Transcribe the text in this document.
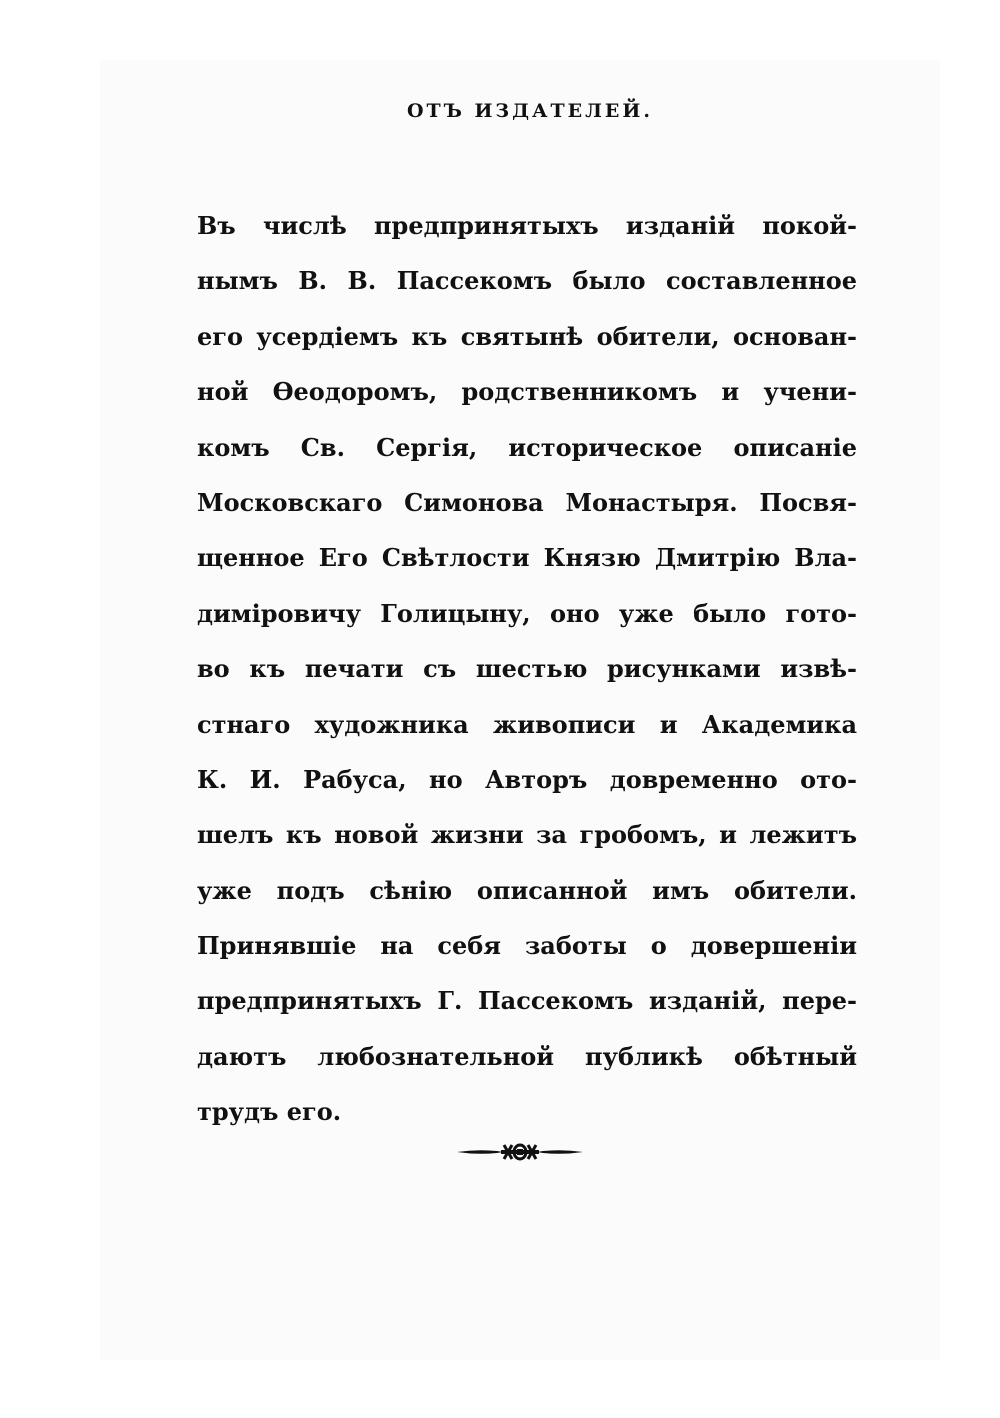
ОТЪ ИЗДАТЕЛЕЙ.
Въ числѣ предпринятыхъ изданій покой-
нымъ В. В. Пассекомъ было составленное
его усердіемъ къ святынѣ обители, основан-
ной Ѳеодоромъ, родственникомъ и учени-
комъ Св. Сергія, историческое описаніе
Московскаго Симонова Монастыря. Посвя-
щенное Его Свѣтлости Князю Дмитрію Вла-
диміровичу Голицыну, оно уже было гото-
во къ печати съ шестью рисунками извѣ-
стнаго художника живописи и Академика
К. И. Рабуса, но Авторъ довременно ото-
шелъ къ новой жизни за гробомъ, и лежитъ
уже подъ сѣнію описанной имъ обители.
Принявшіе на себя заботы о довершеніи
предпринятыхъ Г. Пассекомъ изданій, пере-
даютъ любознательной публикѣ обѣтный
трудъ его.
